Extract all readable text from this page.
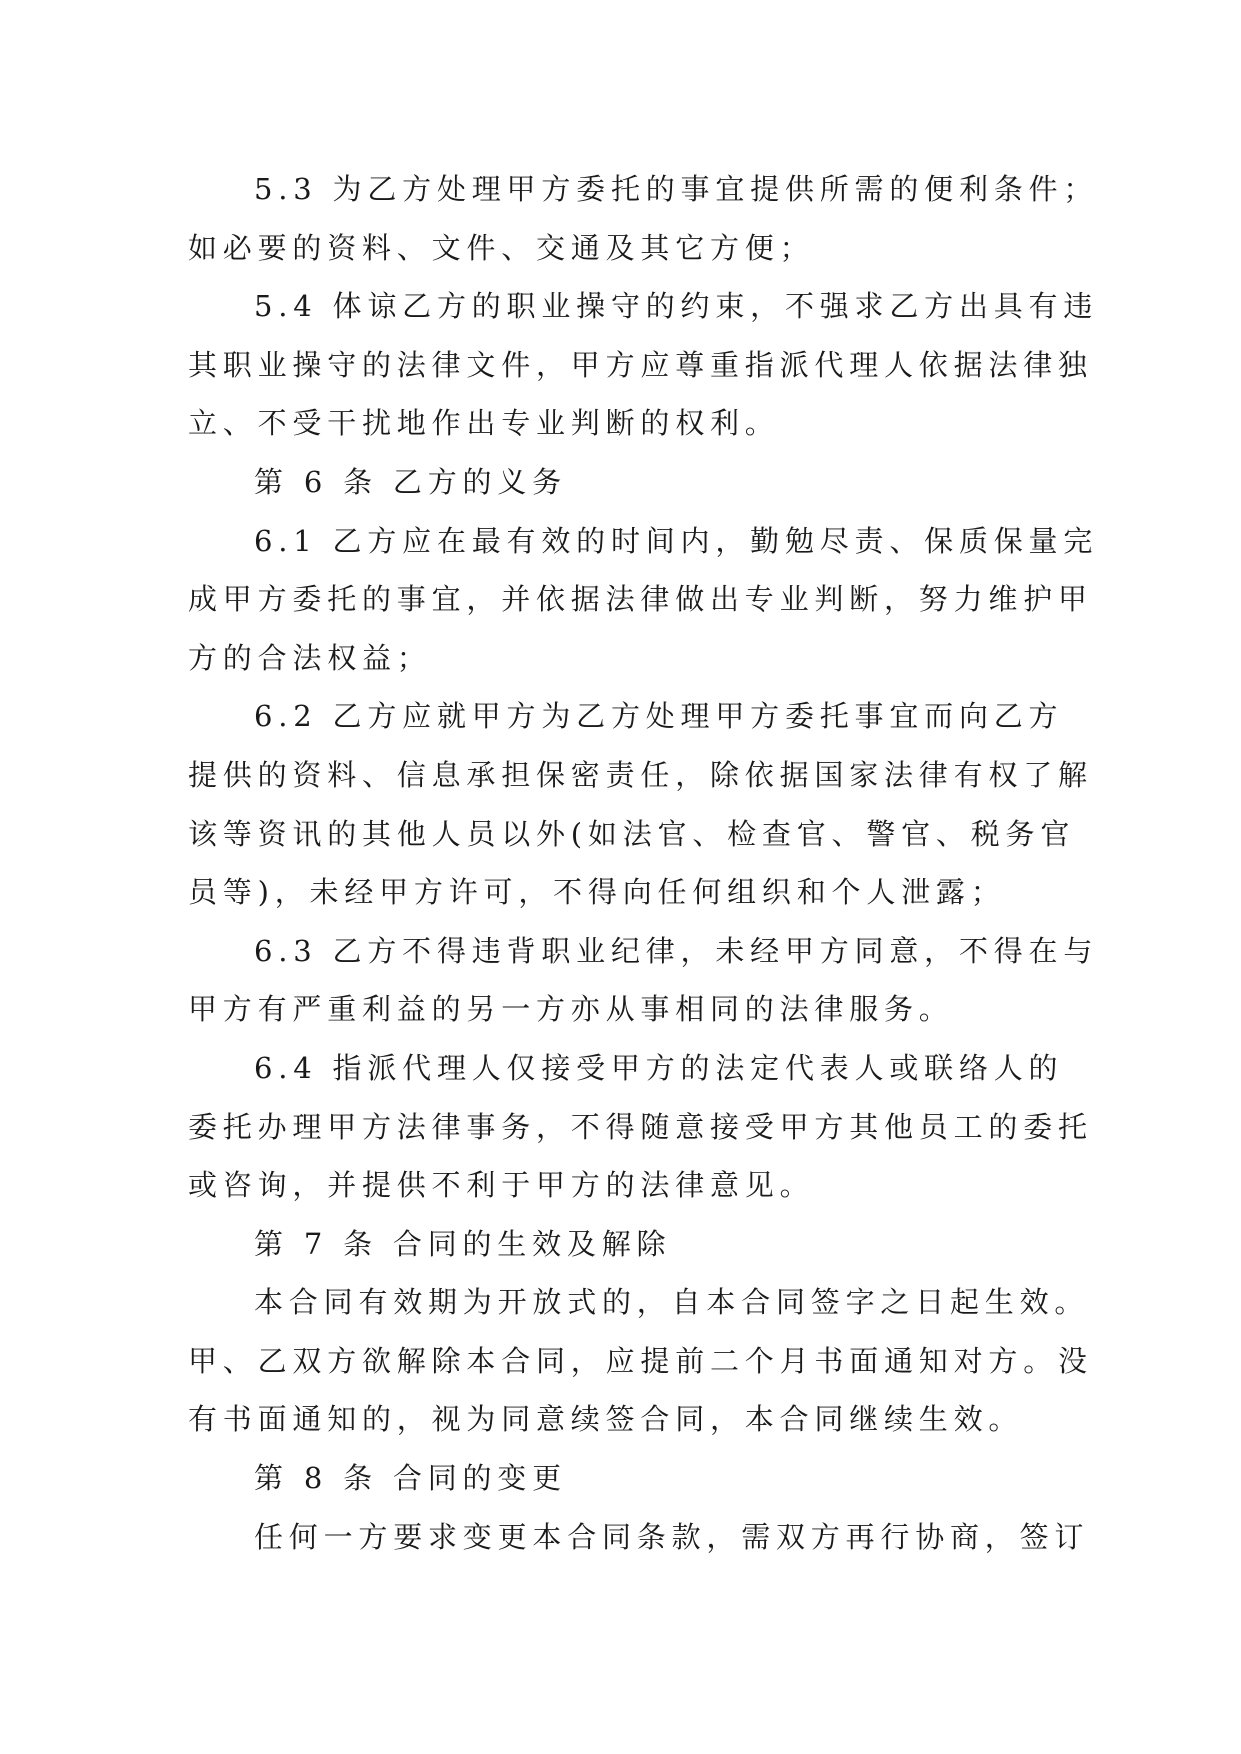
5.3 为乙方处理甲方委托的事宜提供所需的便利条件；
如必要的资料、文件、交通及其它方便；
5.4 体谅乙方的职业操守的约束，不强求乙方出具有违
其职业操守的法律文件，甲方应尊重指派代理人依据法律独
立、不受干扰地作出专业判断的权利。
第 6 条 乙方的义务
6.1 乙方应在最有效的时间内，勤勉尽责、保质保量完
成甲方委托的事宜，并依据法律做出专业判断，努力维护甲
方的合法权益；
6.2 乙方应就甲方为乙方处理甲方委托事宜而向乙方
提供的资料、信息承担保密责任，除依据国家法律有权了解
该等资讯的其他人员以外(如法官、检查官、警官、税务官
员等)，未经甲方许可，不得向任何组织和个人泄露；
6.3 乙方不得违背职业纪律，未经甲方同意，不得在与
甲方有严重利益的另一方亦从事相同的法律服务。
6.4 指派代理人仅接受甲方的法定代表人或联络人的
委托办理甲方法律事务，不得随意接受甲方其他员工的委托
或咨询，并提供不利于甲方的法律意见。
第 7 条 合同的生效及解除
本合同有效期为开放式的，自本合同签字之日起生效。
甲、乙双方欲解除本合同，应提前二个月书面通知对方。没
有书面通知的，视为同意续签合同，本合同继续生效。
第 8 条 合同的变更
任何一方要求变更本合同条款，需双方再行协商，签订
